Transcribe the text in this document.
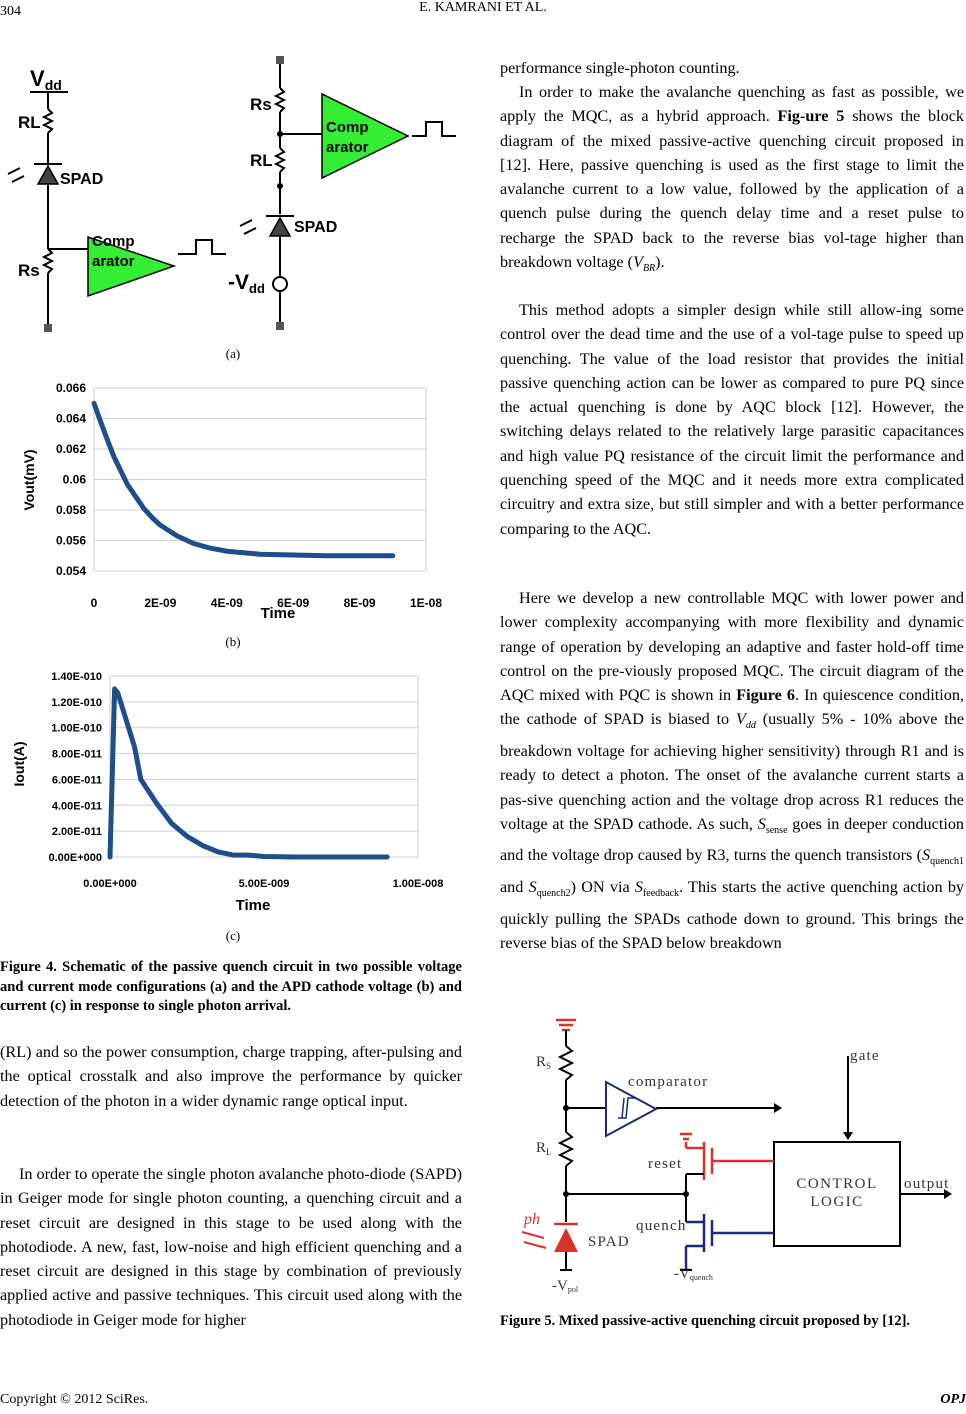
304	E. KAMRANI ET AL.
Vdd
RL
SPAD
Rs
Comp
arator
Rs
RL
Comp
arator
SPAD
-Vdd
(a)
0.054
0.056
0.058
0.06
0.062
0.064
0.066
0	2E-09	4E-09	6E-09	8E-09	1E-08
Time
Vout(mV)
(b)
0.00E+000
2.00E-011
4.00E-011
6.00E-011
8.00E-011
1.00E-010
1.20E-010
1.40E-010
0.00E+000	5.00E-009	1.00E-008
Time
Iout(A)
(c)
Figure 4. Schematic of the passive quench circuit in two possible voltage and current mode configurations (a) and the APD cathode voltage (b) and current (c) in response to single photon arrival.
(RL) and so the power consumption, charge trapping, after-pulsing and the optical crosstalk and also improve the performance by quicker detection of the photon in a wider dynamic range optical input.
In order to operate the single photon avalanche photo-diode (SAPD) in Geiger mode for single photon counting, a quenching circuit and a reset circuit are designed in this stage to be used along with the photodiode. A new, fast, low-noise and high efficient quenching and a reset circuit are designed in this stage by combination of previously applied active and passive techniques. This circuit used along with the photodiode in Geiger mode for higher
performance single-photon counting.
In order to make the avalanche quenching as fast as possible, we apply the MQC, as a hybrid approach. Fig-ure 5 shows the block diagram of the mixed passive-active quenching circuit proposed in [12]. Here, passive quenching is used as the first stage to limit the avalanche current to a low value, followed by the application of a quench pulse during the quench delay time and a reset pulse to recharge the SPAD back to the reverse bias vol-tage higher than breakdown voltage $(V_{BR})$.
This method adopts a simpler design while still allow-ing some control over the dead time and the use of a vol-tage pulse to speed up quenching. The value of the load resistor that provides the initial passive quenching action can be lower as compared to pure PQ since the actual quenching is done by AQC block [12]. However, the switching delays related to the relatively large parasitic capacitances and high value PQ resistance of the circuit limit the performance and quenching speed of the MQC and it needs more extra complicated circuitry and extra size, but still simpler and with a better performance comparing to the AQC.
Here we develop a new controllable MQC with lower power and lower complexity accompanying with more flexibility and dynamic range of operation by developing an adaptive and faster hold-off time control on the pre-viously proposed MQC. The circuit diagram of the AQC mixed with PQC is shown in Figure 6. In quiescence condition, the cathode of SPAD is biased to $V_{dd}$ (usually 5% - 10% above the breakdown voltage for achieving higher sensitivity) through R1 and is ready to detect a photon. The onset of the avalanche current starts a pas-sive quenching action and the voltage drop across R1 reduces the voltage at the SPAD cathode. As such, $S_{sense}$ goes in deeper conduction and the voltage drop caused by R3, turns the quench transistors ($S_{quench1}$ and $S_{quench2}$) ON via $S_{feedback}$. This starts the active quenching action by quickly pulling the SPADs cathode down to ground. This brings the reverse bias of the SPAD below breakdown
$R_S$
$R_L$
comparator
gate
reset
quench
CONTROL
LOGIC
output
ph
SPAD
-Vpol
-Vquench
Figure 5. Mixed passive-active quenching circuit proposed by [12].
Copyright © 2012 SciRes.	OPJ
